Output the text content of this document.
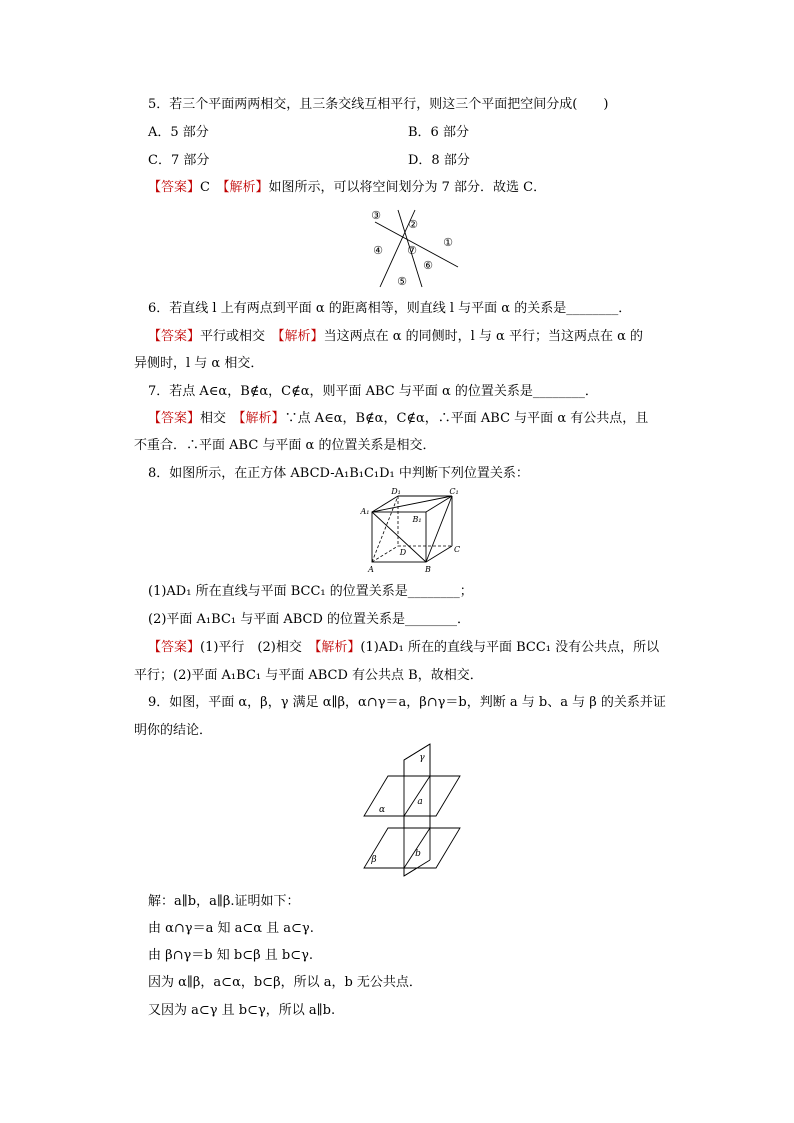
5．若三个平面两两相交，且三条交线互相平行，则这三个平面把空间分成(　　)
A．5 部分	B．6 部分
C．7 部分	D．8 部分
【答案】C　 【解析】如图所示，可以将空间划分为 7 部分．故选 C．
③
②
①
④ ⑦
⑥
⑤
6．若直线 l 上有两点到平面 α 的距离相等，则直线 l 与平面 α 的关系是________．
【答案】平行或相交　 【解析】当这两点在 α 的同侧时，l 与 α 平行；当这两点在 α 的
异侧时，l 与 α 相交．
7．若点 A∈α，B∉α，C∉α，则平面 ABC 与平面 α 的位置关系是________．
【答案】相交　 【解析】∵点 A∈α，B∉α，C∉α，∴平面 ABC 与平面 α 有公共点，且
不重合．∴平面 ABC 与平面 α 的位置关系是相交．
8．如图所示，在正方体 ABCD-A₁B₁C₁D₁ 中判断下列位置关系：
D₁	C₁
A₁
B₁
D	C
A	B
(1)AD₁ 所在直线与平面 BCC₁ 的位置关系是________；
(2)平面 A₁BC₁ 与平面 ABCD 的位置关系是________．
【答案】(1)平行　(2)相交　 【解析】(1)AD₁ 所在的直线与平面 BCC₁ 没有公共点，所以
平行；(2)平面 A₁BC₁ 与平面 ABCD 有公共点 B，故相交．
9．如图，平面 α，β，γ 满足 α∥β，α∩γ＝a，β∩γ＝b，判断 a 与 b、a 与 β 的关系并证
明你的结论．
γ
α
a
β
b
解：a∥b，a∥β.证明如下：
由 α∩γ＝a 知 a⊂α 且 a⊂γ.
由 β∩γ＝b 知 b⊂β 且 b⊂γ.
因为 α∥β，a⊂α，b⊂β，所以 a，b 无公共点．
又因为 a⊂γ 且 b⊂γ，所以 a∥b.
